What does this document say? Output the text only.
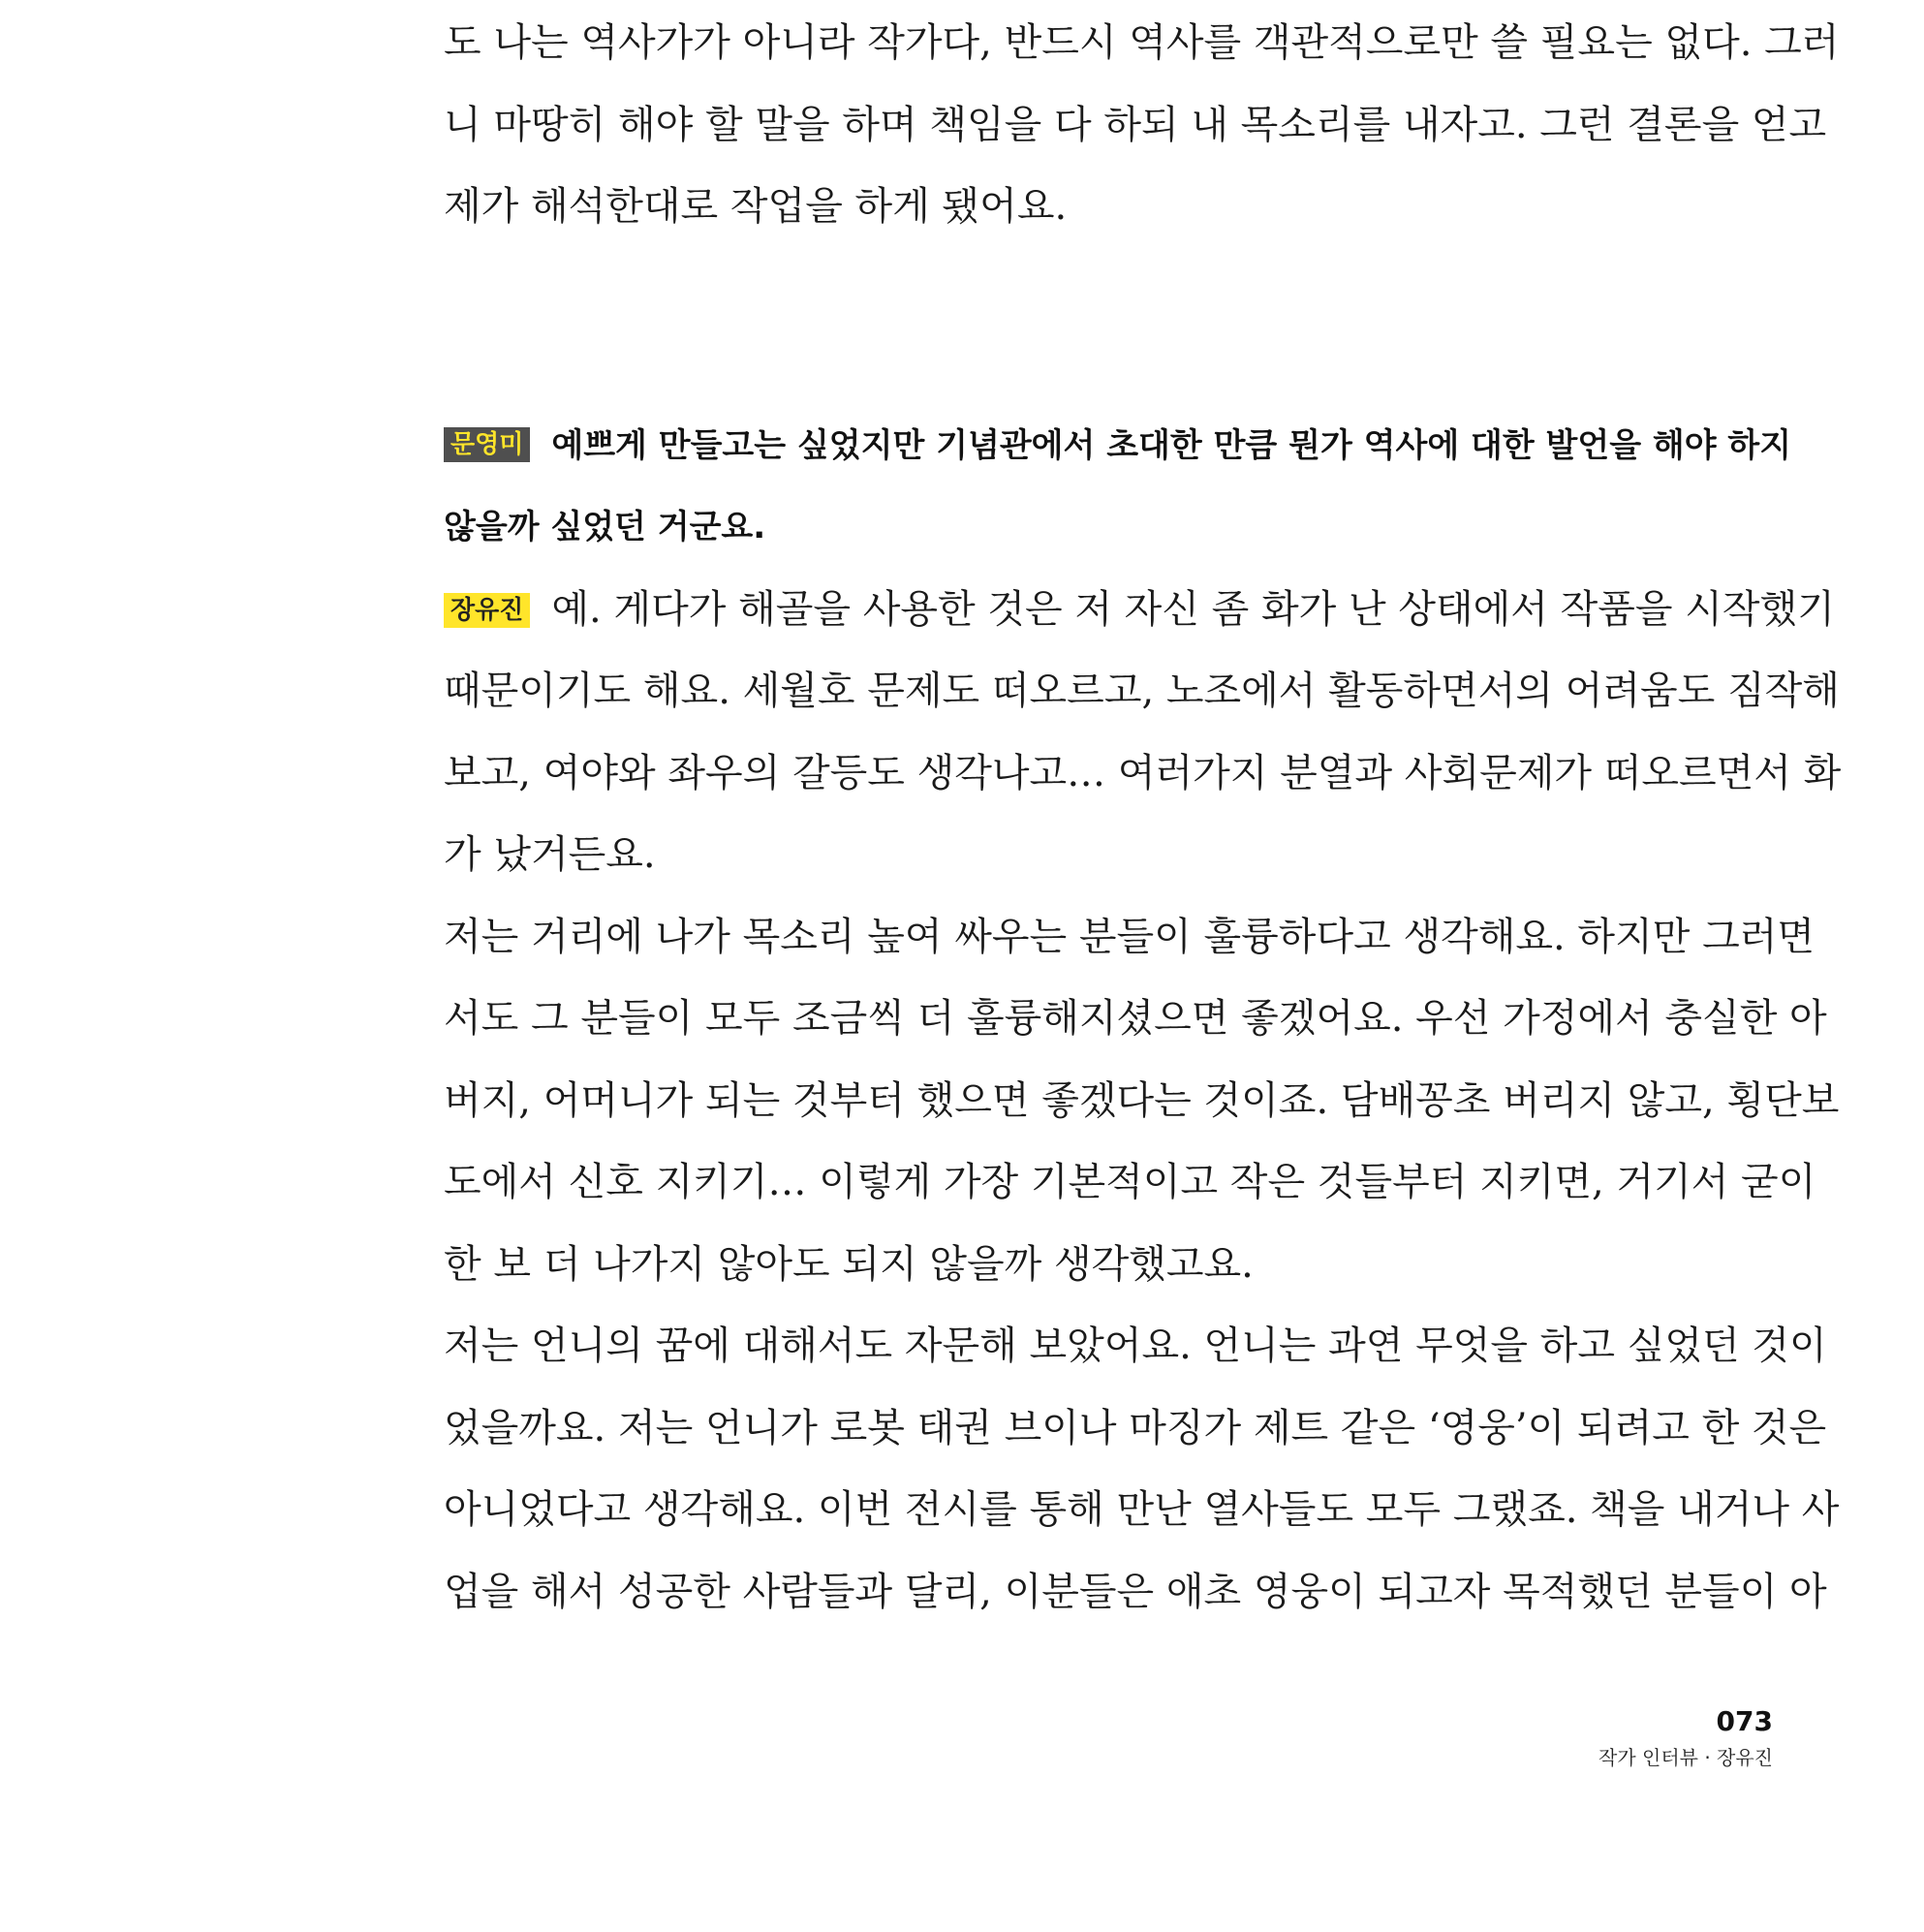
도 나는 역사가가 아니라 작가다, 반드시 역사를 객관적으로만 쓸 필요는 없다. 그러
니 마땅히 해야 할 말을 하며 책임을 다 하되 내 목소리를 내자고. 그런 결론을 얻고
제가 해석한대로 작업을 하게 됐어요.
문영미 예쁘게 만들고는 싶었지만 기념관에서 초대한 만큼 뭔가 역사에 대한 발언을 해야 하지
않을까 싶었던 거군요.
장유진 예. 게다가 해골을 사용한 것은 저 자신 좀 화가 난 상태에서 작품을 시작했기
때문이기도 해요. 세월호 문제도 떠오르고, 노조에서 활동하면서의 어려움도 짐작해
보고, 여야와 좌우의 갈등도 생각나고… 여러가지 분열과 사회문제가 떠오르면서 화
가 났거든요.
저는 거리에 나가 목소리 높여 싸우는 분들이 훌륭하다고 생각해요. 하지만 그러면
서도 그 분들이 모두 조금씩 더 훌륭해지셨으면 좋겠어요. 우선 가정에서 충실한 아
버지, 어머니가 되는 것부터 했으면 좋겠다는 것이죠. 담배꽁초 버리지 않고, 횡단보
도에서 신호 지키기… 이렇게 가장 기본적이고 작은 것들부터 지키면, 거기서 굳이
한 보 더 나가지 않아도 되지 않을까 생각했고요.
저는 언니의 꿈에 대해서도 자문해 보았어요. 언니는 과연 무엇을 하고 싶었던 것이
었을까요. 저는 언니가 로봇 태권 브이나 마징가 제트 같은 ‘영웅’이 되려고 한 것은
아니었다고 생각해요. 이번 전시를 통해 만난 열사들도 모두 그랬죠. 책을 내거나 사
업을 해서 성공한 사람들과 달리, 이분들은 애초 영웅이 되고자 목적했던 분들이 아
073
작가 인터뷰 · 장유진
